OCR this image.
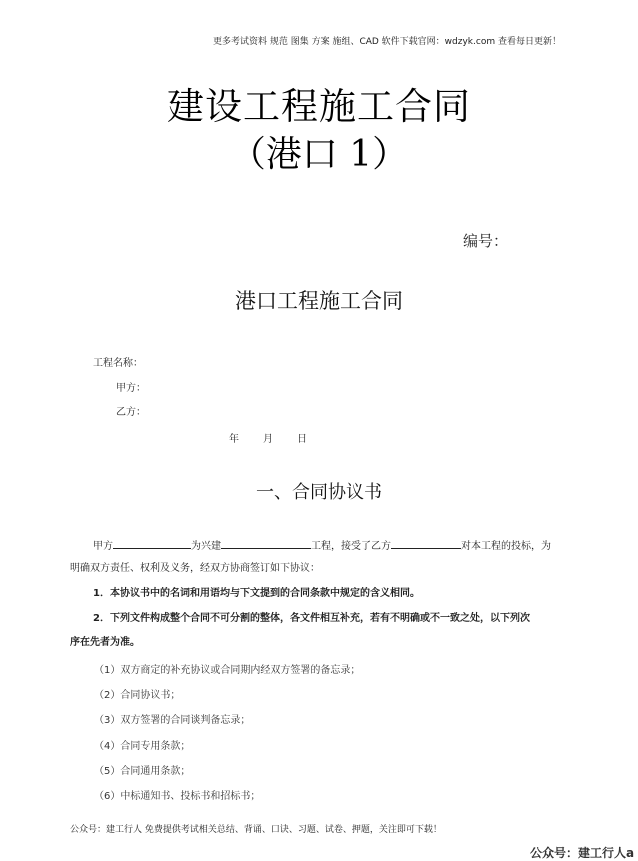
更多考试资料 规范 图集 方案 施组、CAD 软件下载官网：wdzyk.com 查看每日更新！
建设工程施工合同
（港口 1）
编号：
港口工程施工合同
工程名称：
甲方：
乙方：
年 月 日
一、合同协议书
甲方	为兴建	工程，接受了乙方	对本工程的投标，为
明确双方责任、权利及义务，经双方协商签订如下协议：
1．本协议书中的名词和用语均与下文提到的合同条款中规定的含义相同。
2．下列文件构成整个合同不可分割的整体，各文件相互补充，若有不明确或不一致之处，以下列次
序在先者为准。
（1）双方商定的补充协议或合同期内经双方签署的备忘录；
（2）合同协议书；
（3）双方签署的合同谈判备忘录；
（4）合同专用条款；
（5）合同通用条款；
（6）中标通知书、投标书和招标书；
公众号：建工行人 免费提供考试相关总结、背诵、口诀、习题、试卷、押题，关注即可下载！
公众号：建工行人a
